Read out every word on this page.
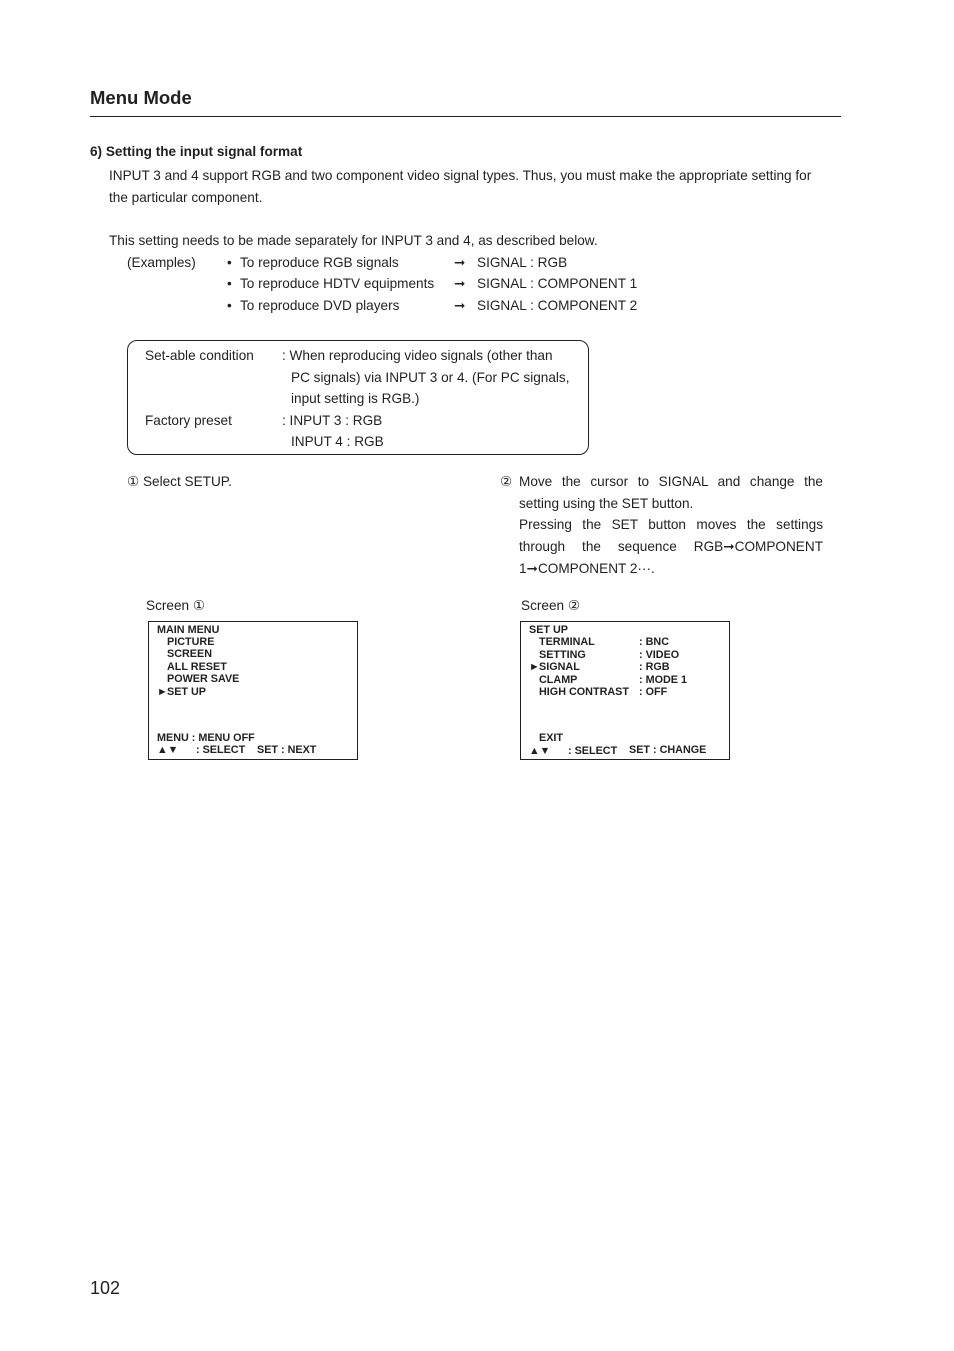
Menu Mode
6) Setting the input signal format
INPUT 3 and 4 support RGB and two component video signal types. Thus, you must make the appropriate setting for
the particular component.
This setting needs to be made separately for INPUT 3 and 4, as described below.
(Examples) • To reproduce RGB signals	➞ SIGNAL : RGB
• To reproduce HDTV equipments ➞ SIGNAL : COMPONENT 1
• To reproduce DVD players	➞ SIGNAL : COMPONENT 2
Set-able condition : When reproducing video signals (other than
PC signals) via INPUT 3 or 4. (For PC signals,
input setting is RGB.)
Factory preset	: INPUT 3 : RGB
INPUT 4 : RGB
① Select SETUP.	② Move the cursor to SIGNAL and change the
setting using the SET button.
Pressing the SET button moves the settings
through the sequence RGB➞COMPONENT
1➞COMPONENT 2···.
Screen ①
MAIN MENU
PICTURE
SCREEN
ALL RESET
POWER SAVE
► SET UP
MENU : MENU OFF
▲▼ : SELECT SET : NEXT
Screen ②
SET UP
TERMINAL	: BNC
SETTING	: VIDEO
► SIGNAL	: RGB
CLAMP	: MODE 1
HIGH CONTRAST : OFF
EXIT
▲▼ : SELECT SET : CHANGE
102
